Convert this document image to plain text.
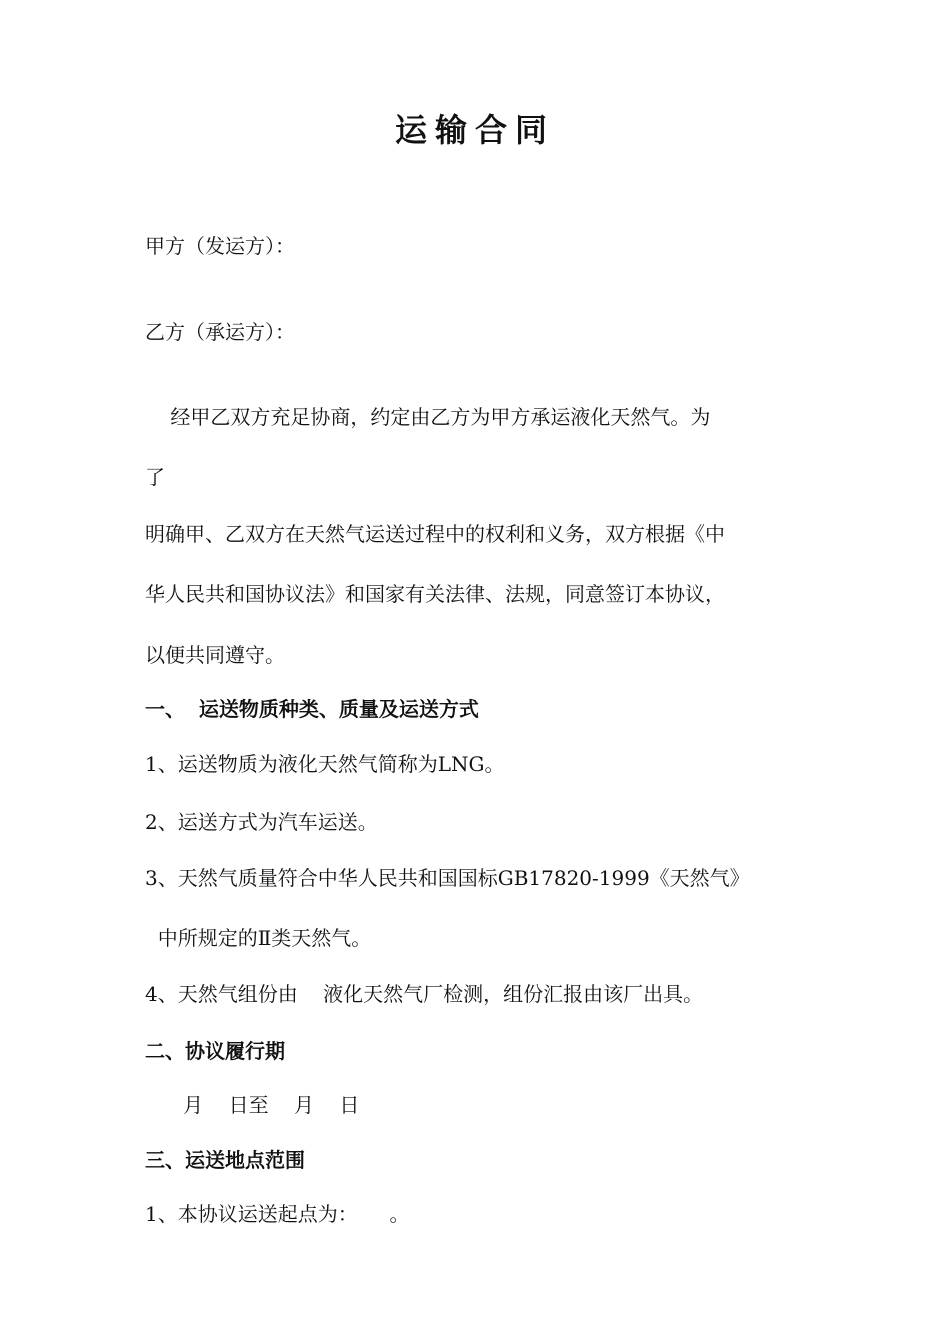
运输合同
甲方（发运方）：
乙方（承运方）：
经甲乙双方充足协商，约定由乙方为甲方承运液化天然气。为
了
明确甲、乙双方在天然气运送过程中的权利和义务，双方根据《中
华人民共和国协议法》和国家有关法律、法规，同意签订本协议，
以便共同遵守。
一、  运送物质种类、质量及运送方式
1、运送物质为液化天然气简称为LNG。
2、运送方式为汽车运送。
3、天然气质量符合中华人民共和国国标GB17820-1999《天然气》
中所规定的Ⅱ类天然气。
4、天然气组份由    液化天然气厂检测，组份汇报由该厂出具。
二、协议履行期
月    日至    月    日
三、运送地点范围
1、本协议运送起点为：     。
